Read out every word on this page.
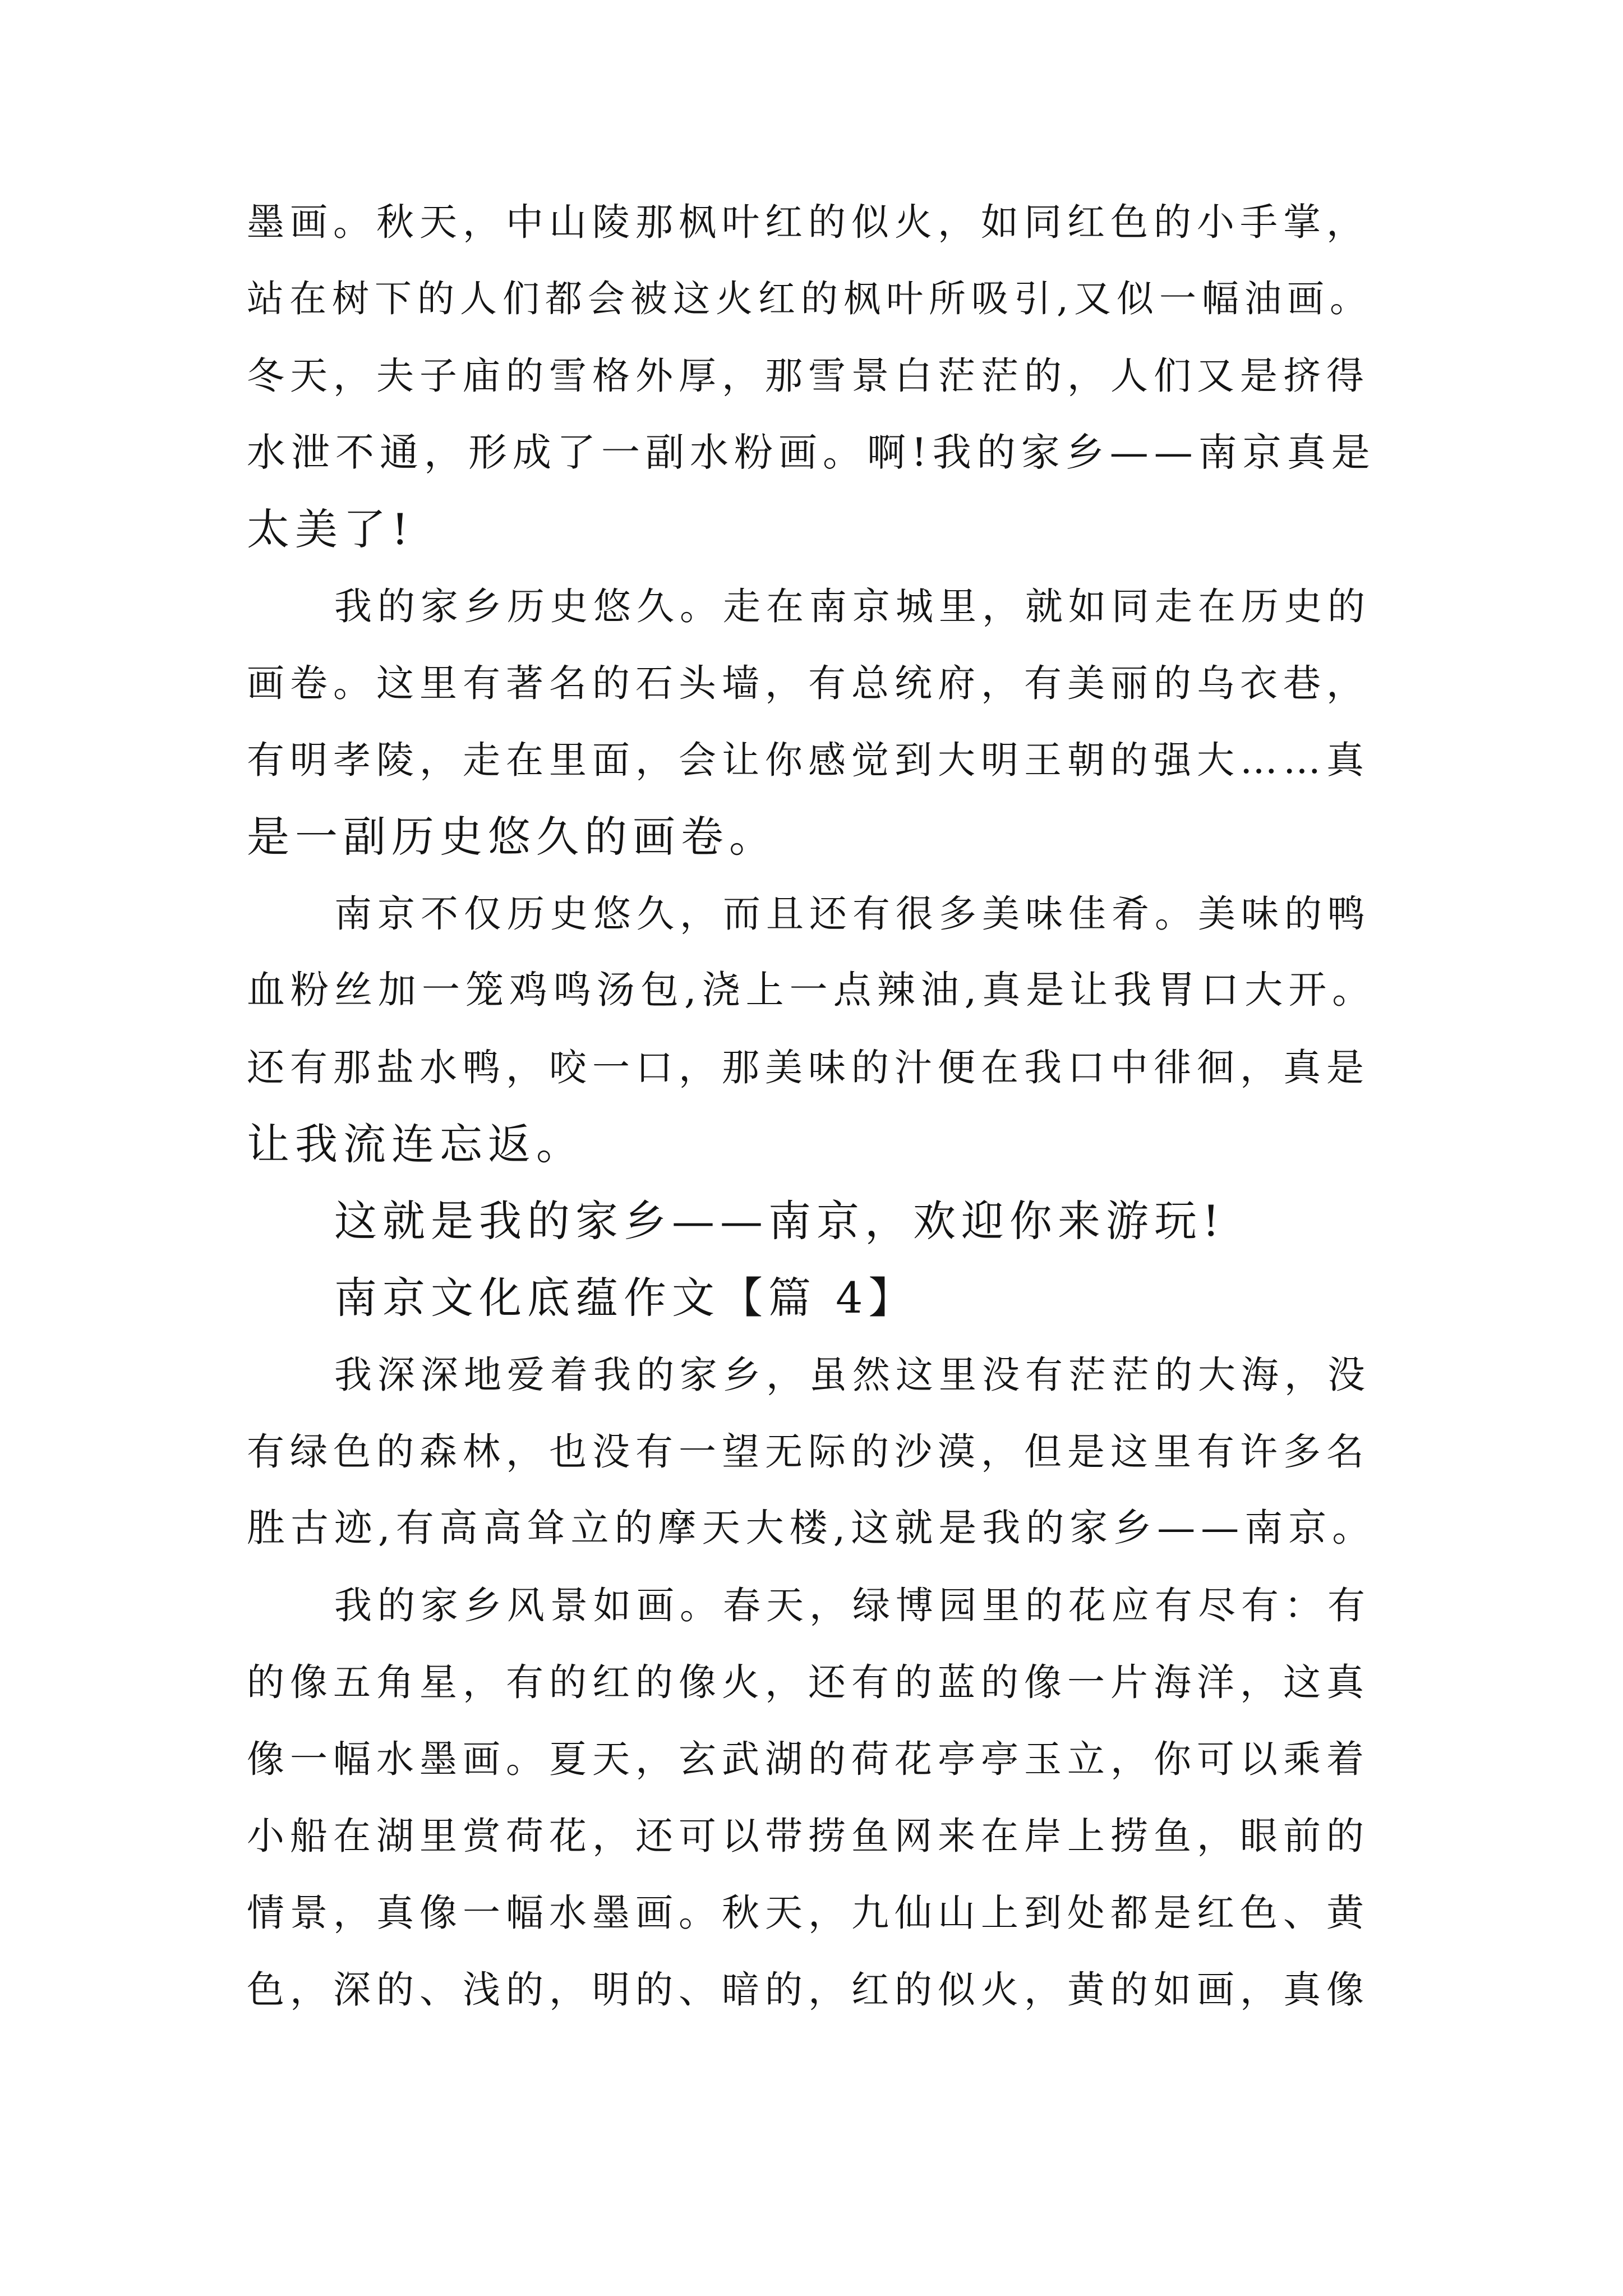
墨画。秋天，中山陵那枫叶红的似火，如同红色的小手掌，

站在树下的人们都会被这火红的枫叶所吸引,又似一幅油画。

冬天，夫子庙的雪格外厚，那雪景白茫茫的，人们又是挤得

水泄不通，形成了一副水粉画。啊!我的家乡——南京真是

太美了!

我的家乡历史悠久。走在南京城里，就如同走在历史的

画卷。这里有著名的石头墙，有总统府，有美丽的乌衣巷，

有明孝陵，走在里面，会让你感觉到大明王朝的强大……真

是一副历史悠久的画卷。

南京不仅历史悠久，而且还有很多美味佳肴。美味的鸭

血粉丝加一笼鸡鸣汤包,浇上一点辣油,真是让我胃口大开。

还有那盐水鸭，咬一口，那美味的汁便在我口中徘徊，真是

让我流连忘返。

这就是我的家乡——南京，欢迎你来游玩!

南京文化底蕴作文【篇 4】

我深深地爱着我的家乡，虽然这里没有茫茫的大海，没

有绿色的森林，也没有一望无际的沙漠，但是这里有许多名

胜古迹,有高高耸立的摩天大楼,这就是我的家乡——南京。

我的家乡风景如画。春天，绿博园里的花应有尽有：有

的像五角星，有的红的像火，还有的蓝的像一片海洋，这真

像一幅水墨画。夏天，玄武湖的荷花亭亭玉立，你可以乘着

小船在湖里赏荷花，还可以带捞鱼网来在岸上捞鱼，眼前的

情景，真像一幅水墨画。秋天，九仙山上到处都是红色、黄

色，深的、浅的，明的、暗的，红的似火，黄的如画，真像
